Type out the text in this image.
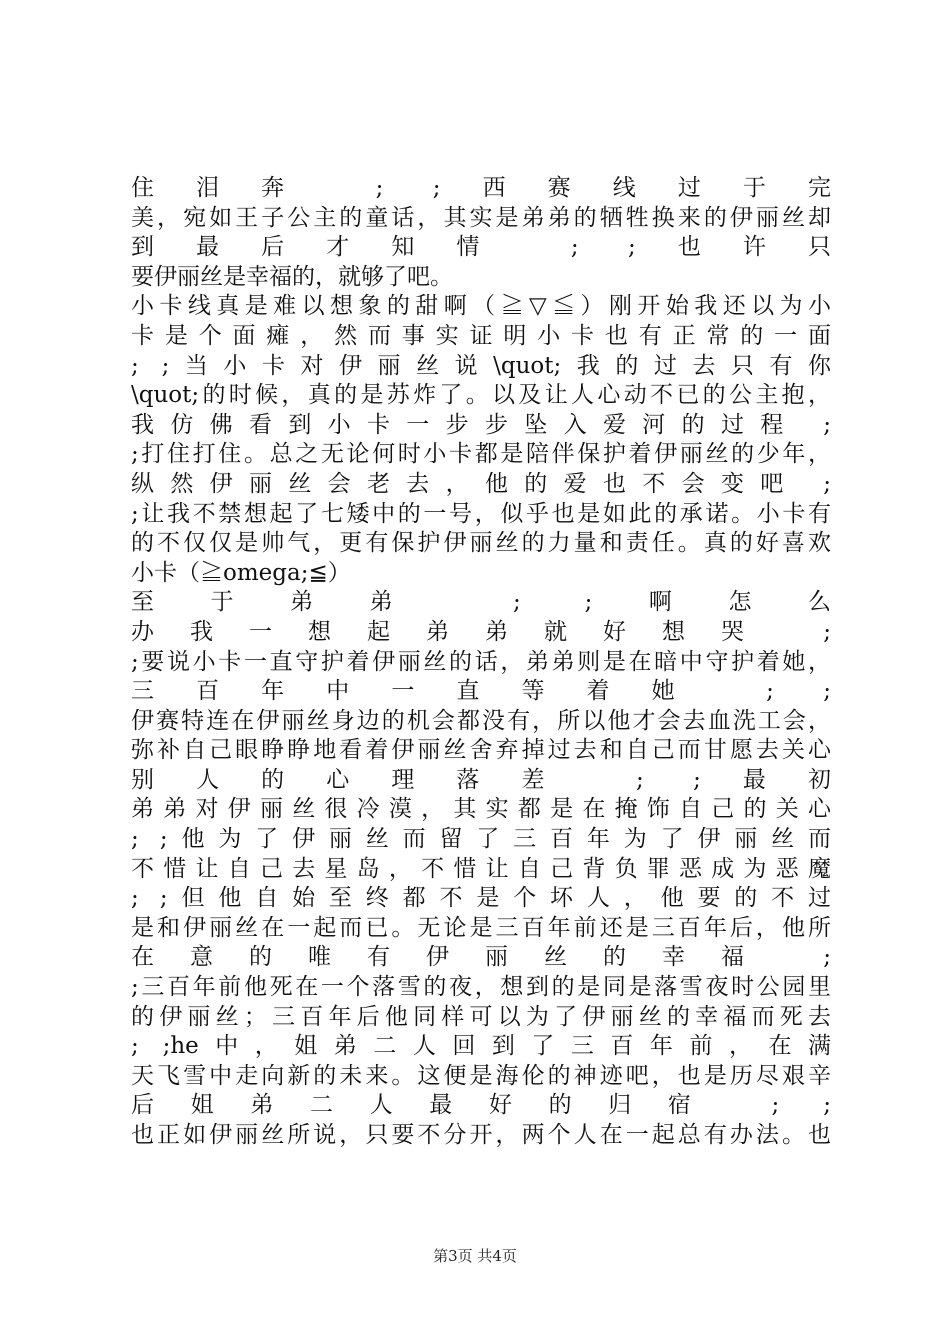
住泪奔 ; ;西赛线过于完
美，宛如王子公主的童话，其实是弟弟的牺牲换来的伊丽丝却
到最后才知情 ; ;也许只
要伊丽丝是幸福的，就够了吧。
小卡线真是难以想象的甜啊（≧▽≦）刚开始我还以为小
卡是个面瘫，然而事实证明小卡也有正常的一面
; ;当小卡对伊丽丝说\quot;我的过去只有你
\quot;的时候，真的是苏炸了。以及让人心动不已的公主抱，
我仿佛看到小卡一步步坠入爱河的过程 ;
;打住打住。总之无论何时小卡都是陪伴保护着伊丽丝的少年，
纵然伊丽丝会老去，他的爱也不会变吧 ;
;让我不禁想起了七矮中的一号，似乎也是如此的承诺。小卡有
的不仅仅是帅气，更有保护伊丽丝的力量和责任。真的好喜欢
小卡（≧omega;≦）
至于弟弟 ; ;啊怎么
办我一想起弟弟就好想哭 ;
;要说小卡一直守护着伊丽丝的话，弟弟则是在暗中守护着她，
三百年中一直等着她 ; ;
伊赛特连在伊丽丝身边的机会都没有，所以他才会去血洗工会，
弥补自己眼睁睁地看着伊丽丝舍弃掉过去和自己而甘愿去关心
别人的心理落差 ; ;最初
弟弟对伊丽丝很冷漠，其实都是在掩饰自己的关心
; ;他为了伊丽丝而留了三百年为了伊丽丝而
不惜让自己去星岛，不惜让自己背负罪恶成为恶魔
; ;但他自始至终都不是个坏人，他要的不过
是和伊丽丝在一起而已。无论是三百年前还是三百年后，他所
在意的唯有伊丽丝的幸福 ;
;三百年前他死在一个落雪的夜，想到的是同是落雪夜时公园里
的伊丽丝；三百年后他同样可以为了伊丽丝的幸福而死去
; ;he中，姐弟二人回到了三百年前，在满
天飞雪中走向新的未来。这便是海伦的神迹吧，也是历尽艰辛
后姐弟二人最好的归宿 ; ;
也正如伊丽丝所说，只要不分开，两个人在一起总有办法。也
第3页 共4页
